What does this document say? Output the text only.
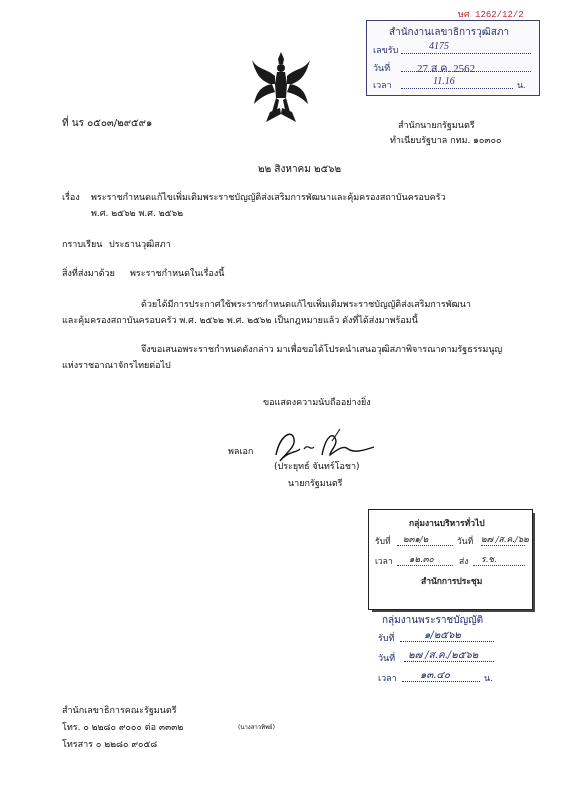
ษศ 1262/12/2
สำนักงานเลขาธิการวุฒิสภา
เลขรับ	4175
วันที่ 27 ส.ค. 2562
เวลา	11.16	น.
ที่ นร ๐๕๐๓/๒๙๕๙๑	สำนักนายกรัฐมนตรี
ทำเนียบรัฐบาล กทม. ๑๐๓๐๐
๒๒ สิงหาคม ๒๕๖๒
เรื่อง พระราชกำหนดแก้ไขเพิ่มเติมพระราชบัญญัติส่งเสริมการพัฒนาและคุ้มครองสถาบันครอบครัว
พ.ศ. ๒๕๖๒ พ.ศ. ๒๕๖๒
กราบเรียน ประธานวุฒิสภา
สิ่งที่ส่งมาด้วย พระราชกำหนดในเรื่องนี้
ด้วยได้มีการประกาศใช้พระราชกำหนดแก้ไขเพิ่มเติมพระราชบัญญัติส่งเสริมการพัฒนา
และคุ้มครองสถาบันครอบครัว พ.ศ. ๒๕๖๒ พ.ศ. ๒๕๖๒ เป็นกฎหมายแล้ว ดังที่ได้ส่งมาพร้อมนี้
จึงขอเสนอพระราชกำหนดดังกล่าว มาเพื่อขอได้โปรดนำเสนอวุฒิสภาพิจารณาตามรัฐธรรมนูญ
แห่งราชอาณาจักรไทยต่อไป
ขอแสดงความนับถืออย่างยิ่ง
พลเอก
(ประยุทธ์ จันทร์โอชา)
นายกรัฐมนตรี
กลุ่มงานบริหารทั่วไป
รับที่ ๒๓๑/๒	วันที่ ๒๗ /ส.ค./๖๒
เวลา ๑๒.๓๐	ส่ง ร.ช.
สำนักการประชุม
กลุ่มงานพระราชบัญญัติ
รับที่	๑/๒๕๖๒
วันที่ ๒๗ /ส.ค./๒๕๖๒
เวลา ๑๓.๔๐	น.
สำนักเลขาธิการคณะรัฐมนตรี
โทร. ๐ ๒๒๘๐ ๙๐๐๐ ต่อ ๓๓๓๒	(นางสาวทิพย์)
โทรสาร ๐ ๒๒๘๐ ๙๐๕๘
